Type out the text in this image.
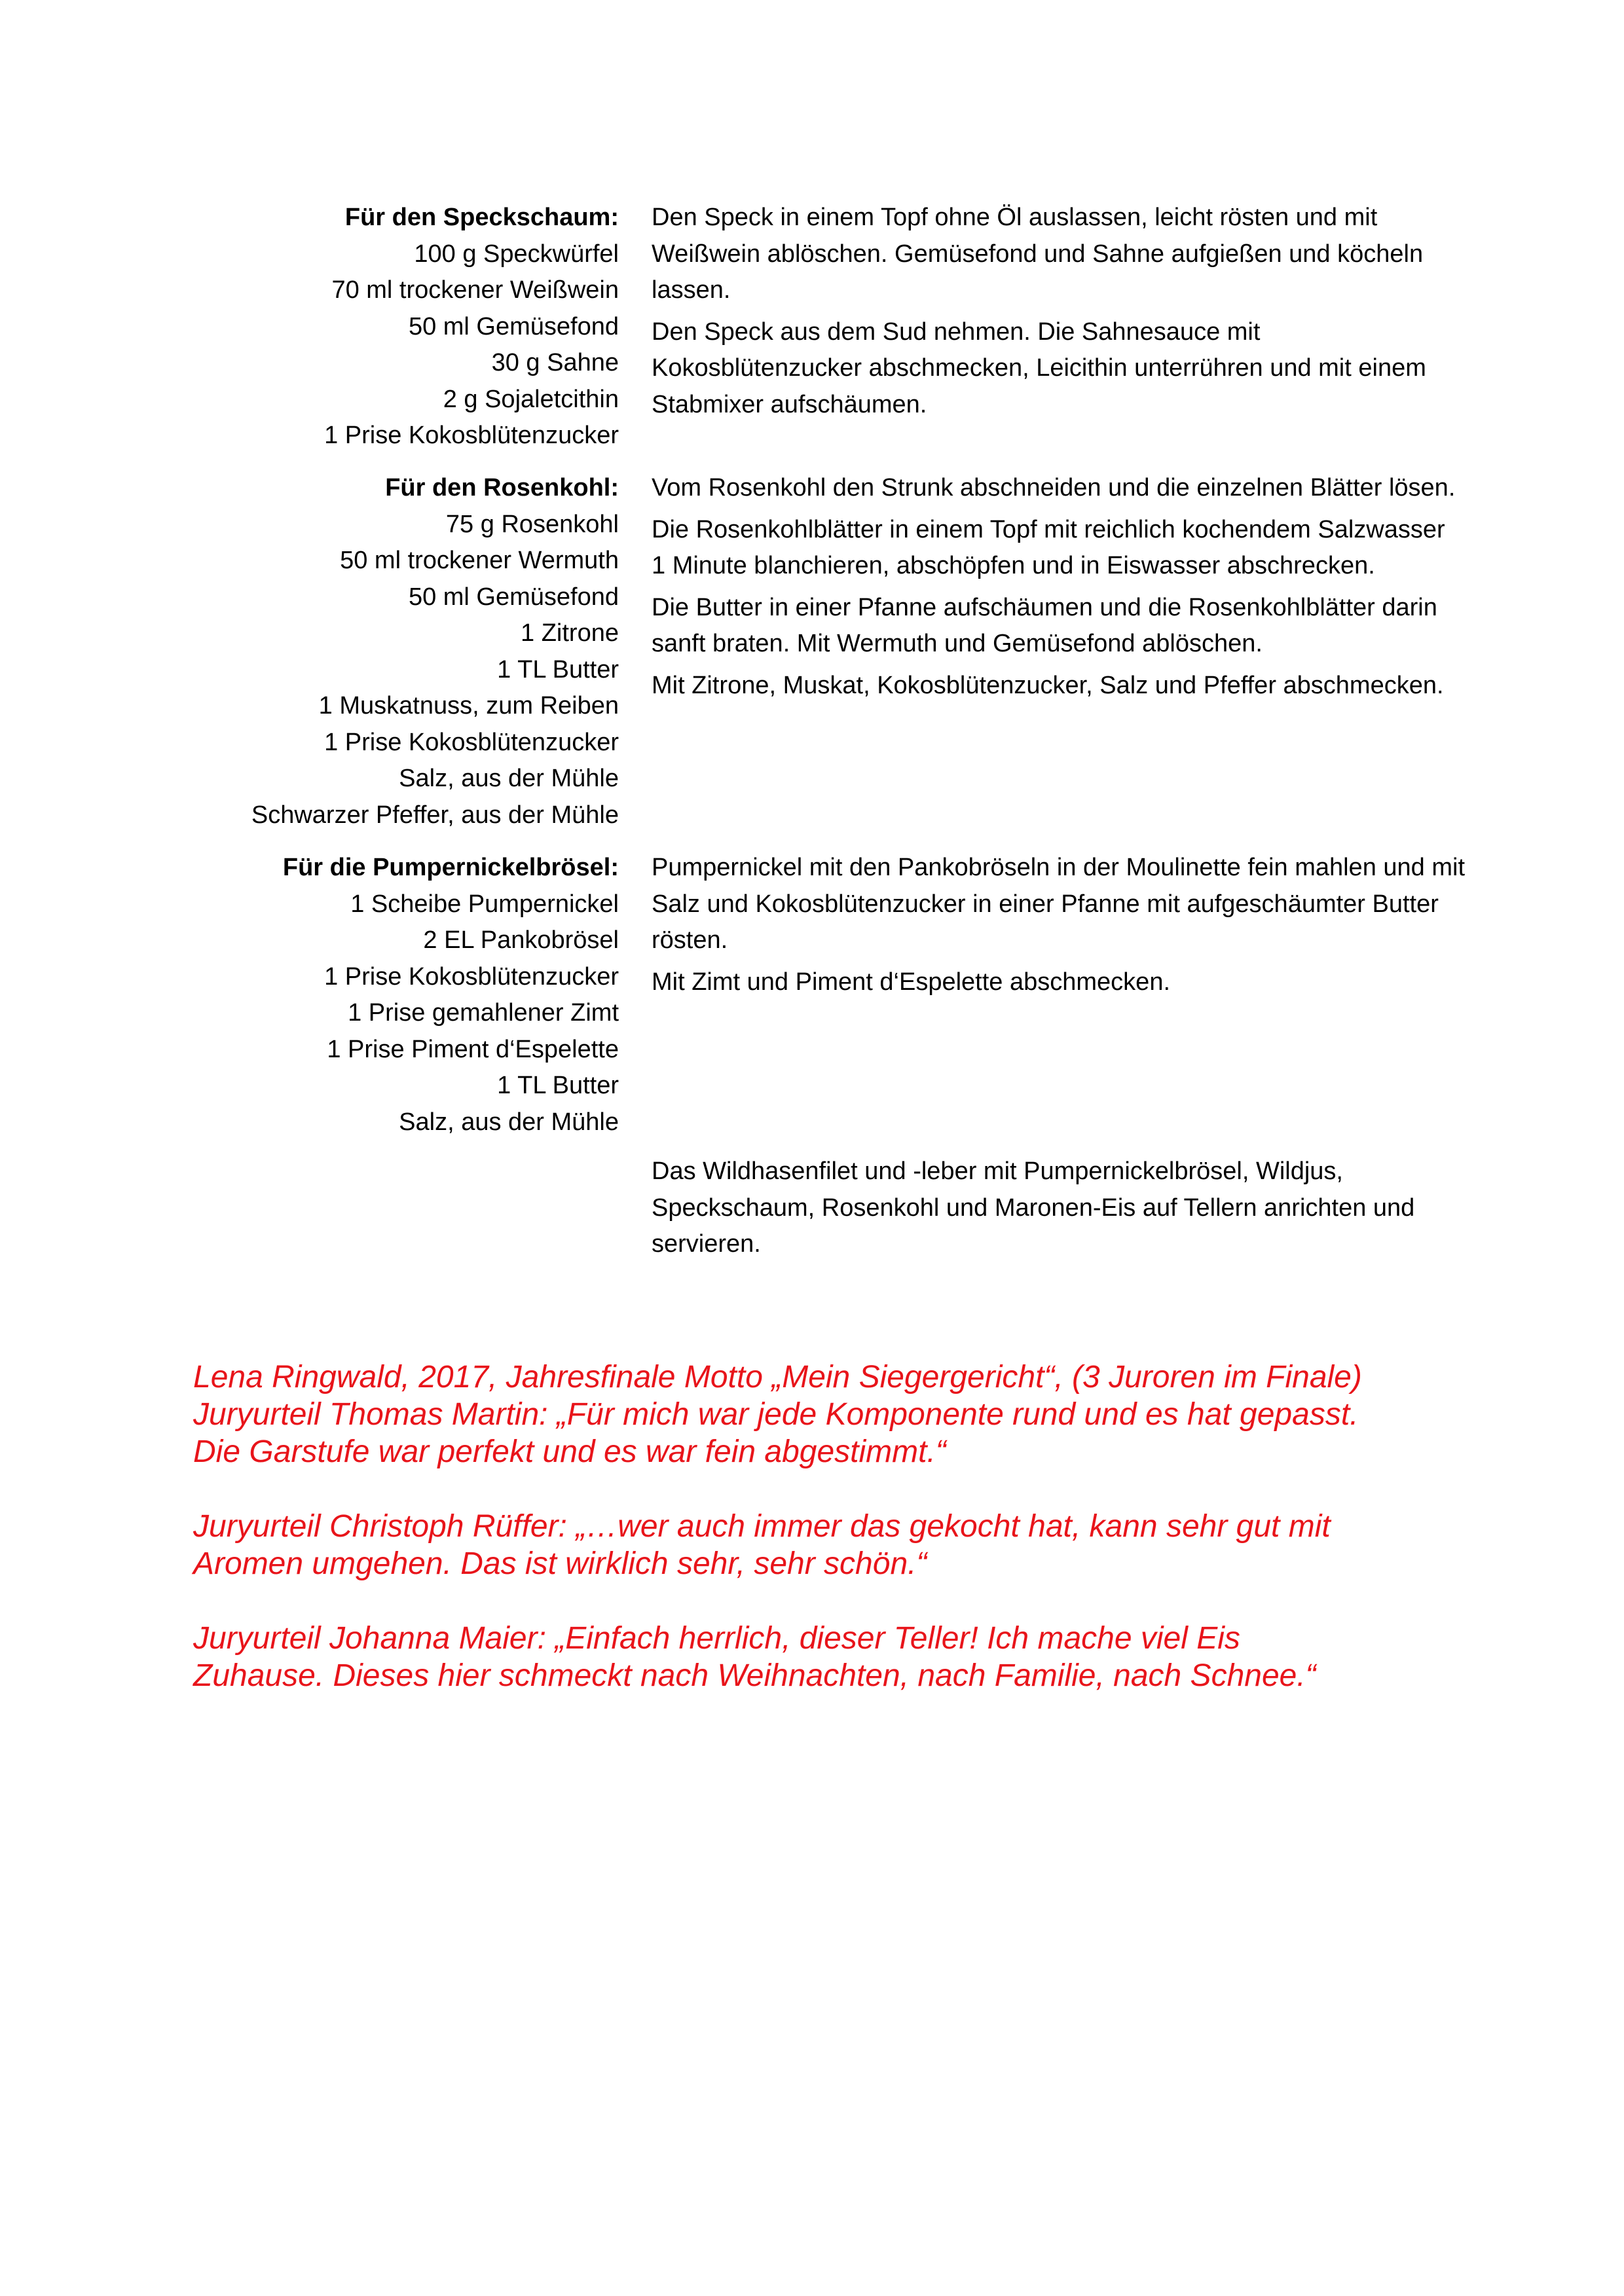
Für den Speckschaum:
100 g Speckwürfel
70 ml trockener Weißwein
50 ml Gemüsefond
30 g Sahne
2 g Sojaletcithin
1 Prise Kokosblütenzucker

Den Speck in einem Topf ohne Öl auslassen, leicht rösten und mit
Weißwein ablöschen. Gemüsefond und Sahne aufgießen und köcheln
lassen.

Den Speck aus dem Sud nehmen. Die Sahnesauce mit
Kokosblütenzucker abschmecken, Leicithin unterrühren und mit einem
Stabmixer aufschäumen.

Für den Rosenkohl:
75 g Rosenkohl
50 ml trockener Wermuth
50 ml Gemüsefond
1 Zitrone
1 TL Butter
1 Muskatnuss, zum Reiben
1 Prise Kokosblütenzucker
Salz, aus der Mühle
Schwarzer Pfeffer, aus der Mühle

Vom Rosenkohl den Strunk abschneiden und die einzelnen Blätter lösen.

Die Rosenkohlblätter in einem Topf mit reichlich kochendem Salzwasser
1 Minute blanchieren, abschöpfen und in Eiswasser abschrecken.

Die Butter in einer Pfanne aufschäumen und die Rosenkohlblätter darin
sanft braten. Mit Wermuth und Gemüsefond ablöschen.

Mit Zitrone, Muskat, Kokosblütenzucker, Salz und Pfeffer abschmecken.

Für die Pumpernickelbrösel:
1 Scheibe Pumpernickel
2 EL Pankobrösel
1 Prise Kokosblütenzucker
1 Prise gemahlener Zimt
1 Prise Piment d‘Espelette
1 TL Butter
Salz, aus der Mühle

Pumpernickel mit den Pankobröseln in der Moulinette fein mahlen und mit
Salz und Kokosblütenzucker in einer Pfanne mit aufgeschäumter Butter
rösten.

Mit Zimt und Piment d‘Espelette abschmecken.

Das Wildhasenfilet und -leber mit Pumpernickelbrösel, Wildjus,
Speckschaum, Rosenkohl und Maronen-Eis auf Tellern anrichten und
servieren.

Lena Ringwald, 2017, Jahresfinale Motto „Mein Siegergericht“, (3 Juroren im Finale)
Juryurteil Thomas Martin: „Für mich war jede Komponente rund und es hat gepasst.
Die Garstufe war perfekt und es war fein abgestimmt.“

Juryurteil Christoph Rüffer: „…wer auch immer das gekocht hat, kann sehr gut mit
Aromen umgehen. Das ist wirklich sehr, sehr schön.“

Juryurteil Johanna Maier: „Einfach herrlich, dieser Teller! Ich mache viel Eis
Zuhause. Dieses hier schmeckt nach Weihnachten, nach Familie, nach Schnee.“
